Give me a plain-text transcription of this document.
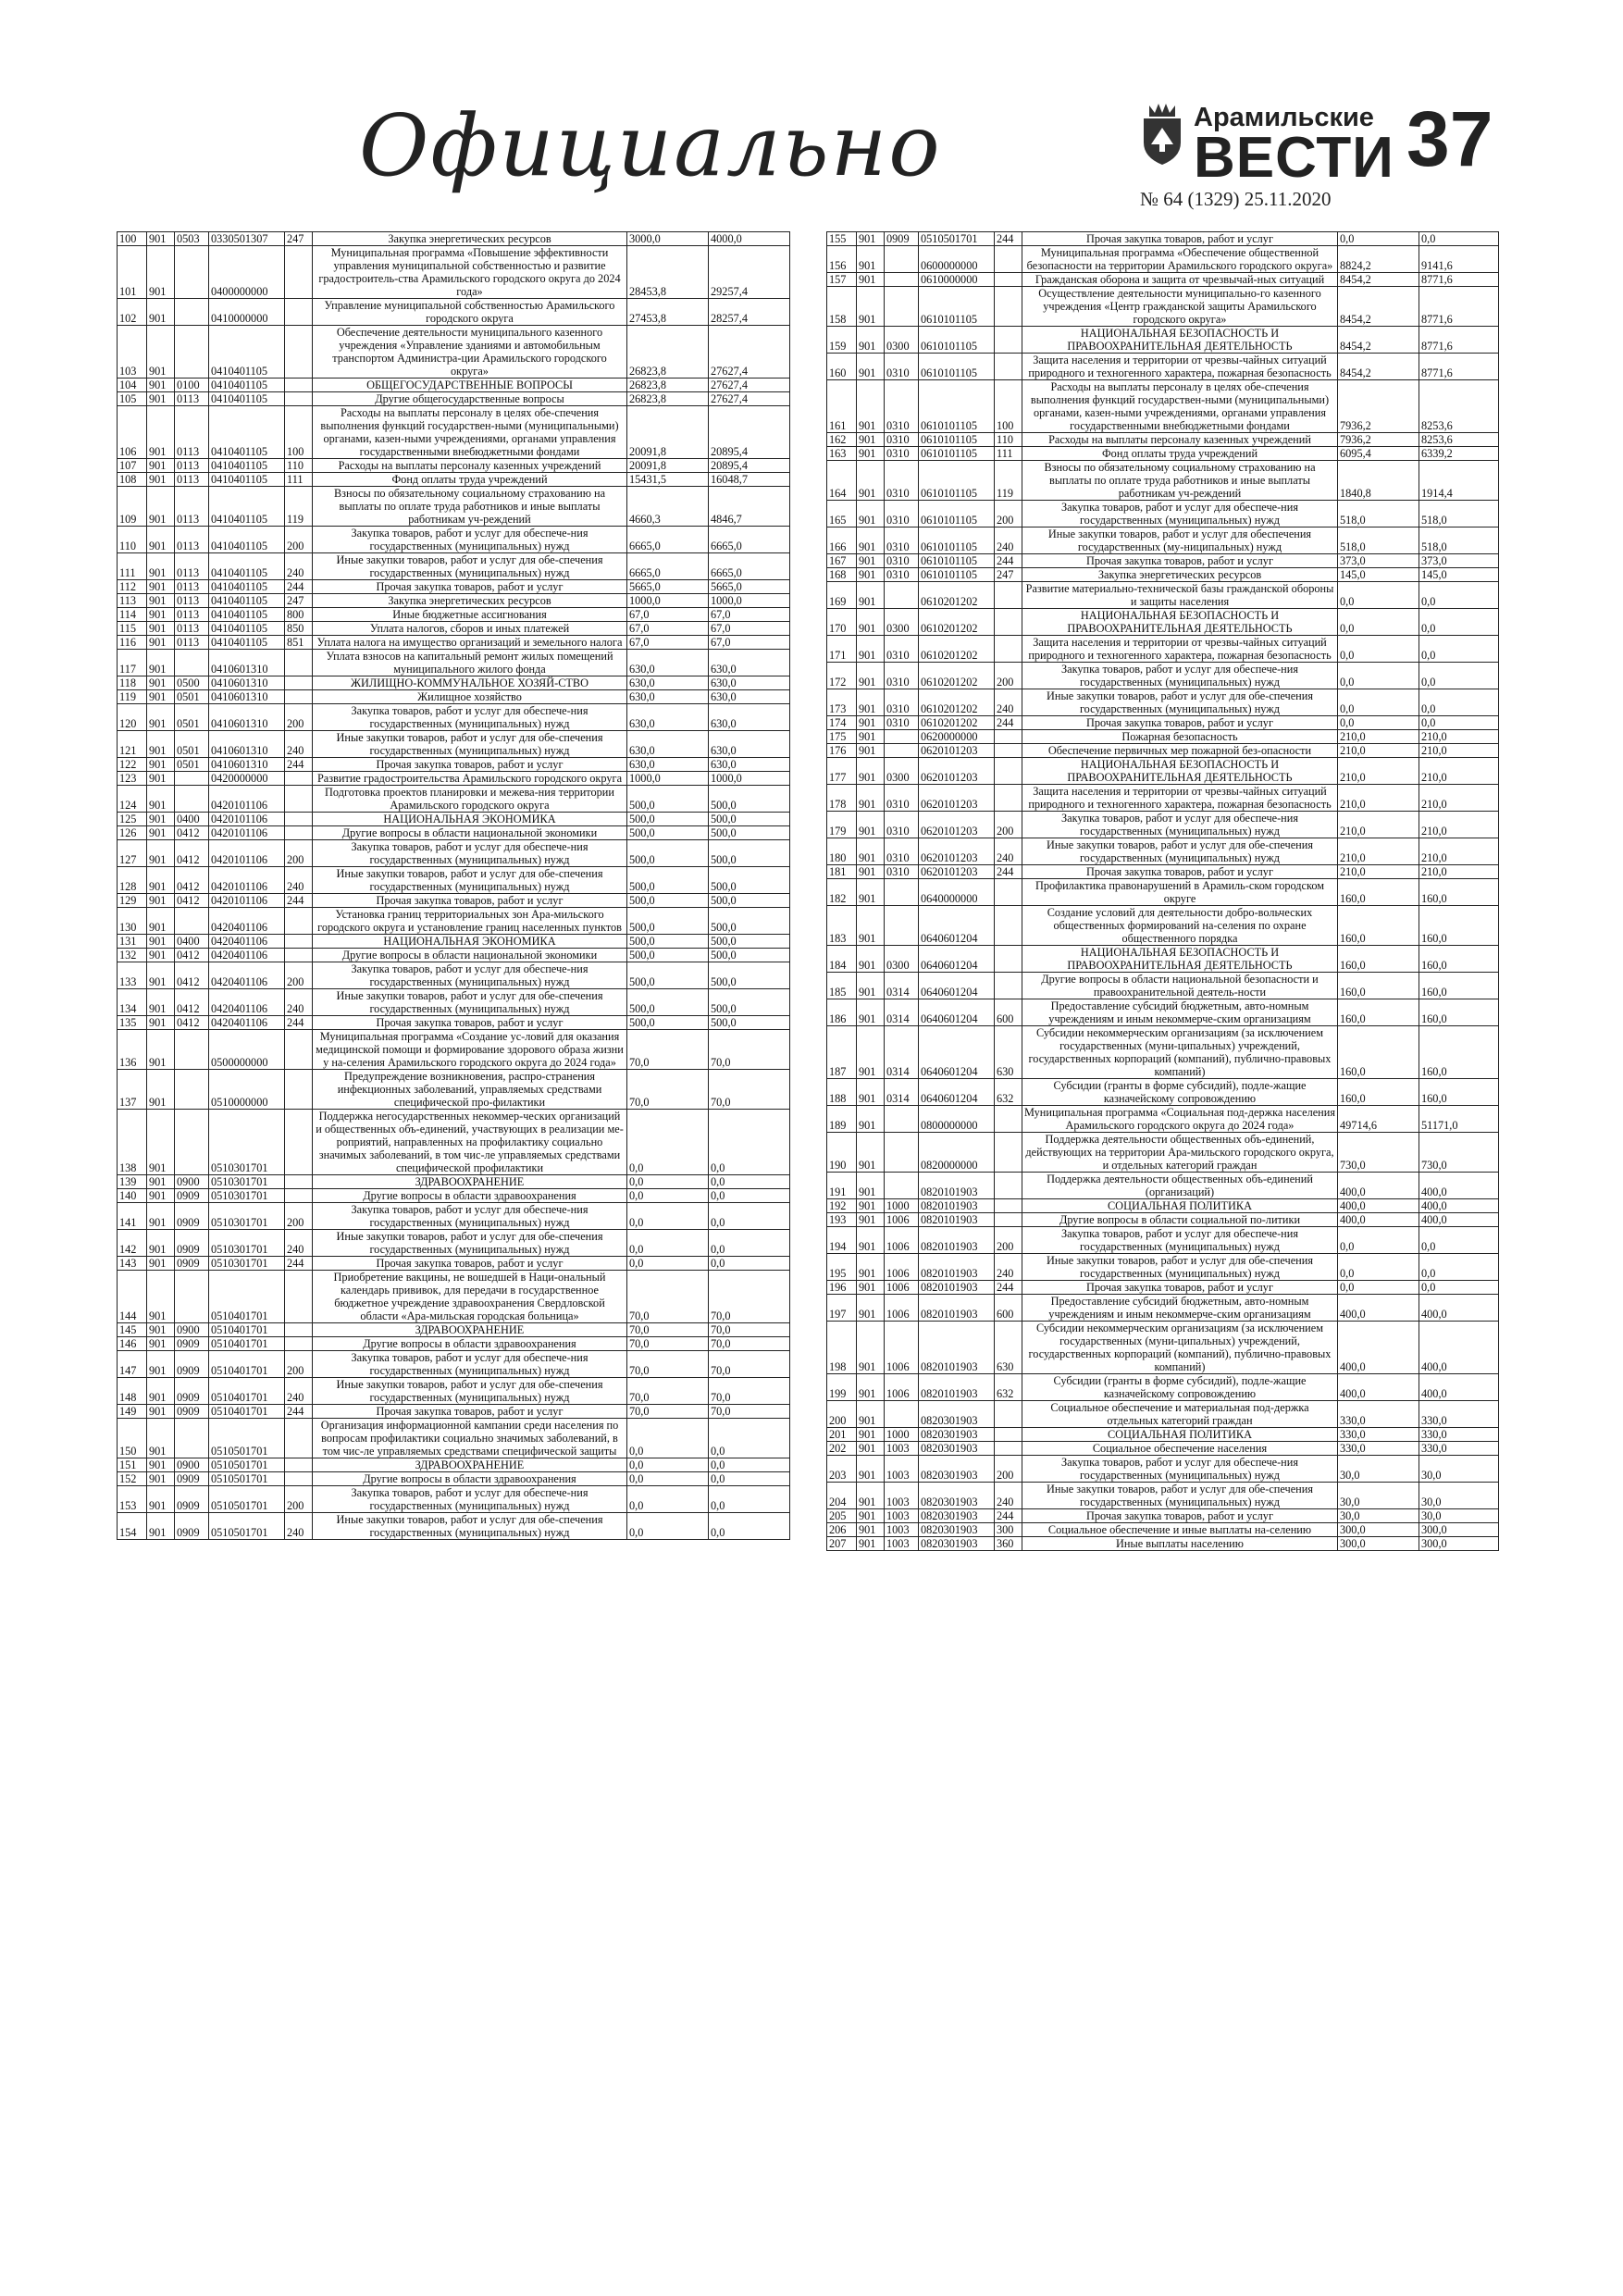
Официально	Арамильские
ВЕСТИ 37
№ 64 (1329) 25.11.2020
100	901	0503	0330501307	247	Закупка энергетических ресурсов	3000,0	4000,0
101	901		0400000000		Муниципальная программа «Повышение эффективности управления муниципальной собственностью и развитие градостроитель-ства Арамильского городского округа до 2024 года»	28453,8	29257,4
102	901		0410000000		Управление муниципальной собственностью Арамильского городского округа	27453,8	28257,4
103	901		0410401105		Обеспечение деятельности муниципального казенного учреждения «Управление зданиями и автомобильным транспортом Администра-ции Арамильского городского округа»	26823,8	27627,4
104	901	0100	0410401105		ОБЩЕГОСУДАРСТВЕННЫЕ ВОПРОСЫ	26823,8	27627,4
105	901	0113	0410401105		Другие общегосударственные вопросы	26823,8	27627,4
106	901	0113	0410401105	100	Расходы на выплаты персоналу в целях обе-спечения выполнения функций государствен-ными (муниципальными) органами, казен-ными учреждениями, органами управления государственными внебюджетными фондами	20091,8	20895,4
107	901	0113	0410401105	110	Расходы на выплаты персоналу казенных учреждений	20091,8	20895,4
108	901	0113	0410401105	111	Фонд оплаты труда учреждений	15431,5	16048,7
109	901	0113	0410401105	119	Взносы по обязательному социальному страхованию на выплаты по оплате труда работников и иные выплаты работникам уч-реждений	4660,3	4846,7
110	901	0113	0410401105	200	Закупка товаров, работ и услуг для обеспече-ния государственных (муниципальных) нужд	6665,0	6665,0
111	901	0113	0410401105	240	Иные закупки товаров, работ и услуг для обе-спечения государственных (муниципальных) нужд	6665,0	6665,0
112	901	0113	0410401105	244	Прочая закупка товаров, работ и услуг	5665,0	5665,0
113	901	0113	0410401105	247	Закупка энергетических ресурсов	1000,0	1000,0
114	901	0113	0410401105	800	Иные бюджетные ассигнования	67,0	67,0
115	901	0113	0410401105	850	Уплата налогов, сборов и иных платежей	67,0	67,0
116	901	0113	0410401105	851	Уплата налога на имущество организаций и земельного налога	67,0	67,0
117	901		0410601310		Уплата взносов на капитальный ремонт жилых помещений муниципального жилого фонда	630,0	630,0
118	901	0500	0410601310		ЖИЛИЩНО-КОММУНАЛЬНОЕ ХОЗЯЙ-СТВО	630,0	630,0
119	901	0501	0410601310		Жилищное хозяйство	630,0	630,0
120	901	0501	0410601310	200	Закупка товаров, работ и услуг для обеспече-ния государственных (муниципальных) нужд	630,0	630,0
121	901	0501	0410601310	240	Иные закупки товаров, работ и услуг для обе-спечения государственных (муниципальных) нужд	630,0	630,0
122	901	0501	0410601310	244	Прочая закупка товаров, работ и услуг	630,0	630,0
123	901		0420000000		Развитие градостроительства Арамильского городского округа	1000,0	1000,0
124	901		0420101106		Подготовка проектов планировки и межева-ния территории Арамильского городского округа	500,0	500,0
125	901	0400	0420101106		НАЦИОНАЛЬНАЯ ЭКОНОМИКА	500,0	500,0
126	901	0412	0420101106		Другие вопросы в области национальной экономики	500,0	500,0
127	901	0412	0420101106	200	Закупка товаров, работ и услуг для обеспече-ния государственных (муниципальных) нужд	500,0	500,0
128	901	0412	0420101106	240	Иные закупки товаров, работ и услуг для обе-спечения государственных (муниципальных) нужд	500,0	500,0
129	901	0412	0420101106	244	Прочая закупка товаров, работ и услуг	500,0	500,0
130	901		0420401106		Установка границ территориальных зон Ара-мильского городского округа и установление границ населенных пунктов	500,0	500,0
131	901	0400	0420401106		НАЦИОНАЛЬНАЯ ЭКОНОМИКА	500,0	500,0
132	901	0412	0420401106		Другие вопросы в области национальной экономики	500,0	500,0
133	901	0412	0420401106	200	Закупка товаров, работ и услуг для обеспече-ния государственных (муниципальных) нужд	500,0	500,0
134	901	0412	0420401106	240	Иные закупки товаров, работ и услуг для обе-спечения государственных (муниципальных) нужд	500,0	500,0
135	901	0412	0420401106	244	Прочая закупка товаров, работ и услуг	500,0	500,0
136	901		0500000000		Муниципальная программа «Создание ус-ловий для оказания медицинской помощи и формирование здорового образа жизни у на-селения Арамильского городского округа до 2024 года»	70,0	70,0
137	901		0510000000		Предупреждение возникновения, распро-странения инфекционных заболеваний, управляемых средствами специфической про-филактики	70,0	70,0
138	901		0510301701		Поддержка негосударственных некоммер-ческих организаций и общественных объ-единений, участвующих в реализации ме-роприятий, направленных на профилактику социально значимых заболеваний, в том чис-ле управляемых средствами специфической профилактики	0,0	0,0
139	901	0900	0510301701		ЗДРАВООХРАНЕНИЕ	0,0	0,0
140	901	0909	0510301701		Другие вопросы в области здравоохранения	0,0	0,0
141	901	0909	0510301701	200	Закупка товаров, работ и услуг для обеспече-ния государственных (муниципальных) нужд	0,0	0,0
142	901	0909	0510301701	240	Иные закупки товаров, работ и услуг для обе-спечения государственных (муниципальных) нужд	0,0	0,0
143	901	0909	0510301701	244	Прочая закупка товаров, работ и услуг	0,0	0,0
144	901		0510401701		Приобретение вакцины, не вошедшей в Наци-ональный календарь прививок, для передачи в государственное бюджетное учреждение здравоохранения Свердловской области «Ара-мильская городская больница»	70,0	70,0
145	901	0900	0510401701		ЗДРАВООХРАНЕНИЕ	70,0	70,0
146	901	0909	0510401701		Другие вопросы в области здравоохранения	70,0	70,0
147	901	0909	0510401701	200	Закупка товаров, работ и услуг для обеспече-ния государственных (муниципальных) нужд	70,0	70,0
148	901	0909	0510401701	240	Иные закупки товаров, работ и услуг для обе-спечения государственных (муниципальных) нужд	70,0	70,0
149	901	0909	0510401701	244	Прочая закупка товаров, работ и услуг	70,0	70,0
150	901		0510501701		Организация информационной кампании среди населения по вопросам профилактики социально значимых заболеваний, в том чис-ле управляемых средствами специфической защиты	0,0	0,0
151	901	0900	0510501701		ЗДРАВООХРАНЕНИЕ	0,0	0,0
152	901	0909	0510501701		Другие вопросы в области здравоохранения	0,0	0,0
153	901	0909	0510501701	200	Закупка товаров, работ и услуг для обеспече-ния государственных (муниципальных) нужд	0,0	0,0
154	901	0909	0510501701	240	Иные закупки товаров, работ и услуг для обе-спечения государственных (муниципальных) нужд	0,0	0,0
155	901	0909	0510501701	244	Прочая закупка товаров, работ и услуг	0,0	0,0
156	901		0600000000		Муниципальная программа «Обеспечение общественной безопасности на территории Арамильского городского округа»	8824,2	9141,6
157	901		0610000000		Гражданская оборона и защита от чрезвычай-ных ситуаций	8454,2	8771,6
158	901		0610101105		Осуществление деятельности муниципально-го казенного учреждения «Центр гражданской защиты Арамильского городского округа»	8454,2	8771,6
159	901	0300	0610101105		НАЦИОНАЛЬНАЯ БЕЗОПАСНОСТЬ И ПРАВООХРАНИТЕЛЬНАЯ ДЕЯТЕЛЬНОСТЬ	8454,2	8771,6
160	901	0310	0610101105		Защита населения и территории от чрезвы-чайных ситуаций природного и техногенного характера, пожарная безопасность	8454,2	8771,6
161	901	0310	0610101105	100	Расходы на выплаты персоналу в целях обе-спечения выполнения функций государствен-ными (муниципальными) органами, казен-ными учреждениями, органами управления государственными внебюджетными фондами	7936,2	8253,6
162	901	0310	0610101105	110	Расходы на выплаты персоналу казенных учреждений	7936,2	8253,6
163	901	0310	0610101105	111	Фонд оплаты труда учреждений	6095,4	6339,2
164	901	0310	0610101105	119	Взносы по обязательному социальному страхованию на выплаты по оплате труда работников и иные выплаты работникам уч-реждений	1840,8	1914,4
165	901	0310	0610101105	200	Закупка товаров, работ и услуг для обеспече-ния государственных (муниципальных) нужд	518,0	518,0
166	901	0310	0610101105	240	Иные закупки товаров, работ и услуг для обеспечения государственных (му-ниципальных) нужд	518,0	518,0
167	901	0310	0610101105	244	Прочая закупка товаров, работ и услуг	373,0	373,0
168	901	0310	0610101105	247	Закупка энергетических ресурсов	145,0	145,0
169	901		0610201202		Развитие материально-технической базы гражданской обороны и защиты населения	0,0	0,0
170	901	0300	0610201202		НАЦИОНАЛЬНАЯ БЕЗОПАСНОСТЬ И ПРАВООХРАНИТЕЛЬНАЯ ДЕЯТЕЛЬНОСТЬ	0,0	0,0
171	901	0310	0610201202		Защита населения и территории от чрезвы-чайных ситуаций природного и техногенного характера, пожарная безопасность	0,0	0,0
172	901	0310	0610201202	200	Закупка товаров, работ и услуг для обеспече-ния государственных (муниципальных) нужд	0,0	0,0
173	901	0310	0610201202	240	Иные закупки товаров, работ и услуг для обе-спечения государственных (муниципальных) нужд	0,0	0,0
174	901	0310	0610201202	244	Прочая закупка товаров, работ и услуг	0,0	0,0
175	901		0620000000		Пожарная безопасность	210,0	210,0
176	901		0620101203		Обеспечение первичных мер пожарной без-опасности	210,0	210,0
177	901	0300	0620101203		НАЦИОНАЛЬНАЯ БЕЗОПАСНОСТЬ И ПРАВООХРАНИТЕЛЬНАЯ ДЕЯТЕЛЬНОСТЬ	210,0	210,0
178	901	0310	0620101203		Защита населения и территории от чрезвы-чайных ситуаций природного и техногенного характера, пожарная безопасность	210,0	210,0
179	901	0310	0620101203	200	Закупка товаров, работ и услуг для обеспече-ния государственных (муниципальных) нужд	210,0	210,0
180	901	0310	0620101203	240	Иные закупки товаров, работ и услуг для обе-спечения государственных (муниципальных) нужд	210,0	210,0
181	901	0310	0620101203	244	Прочая закупка товаров, работ и услуг	210,0	210,0
182	901		0640000000		Профилактика правонарушений в Арамиль-ском городском округе	160,0	160,0
183	901		0640601204		Создание условий для деятельности добро-вольческих общественных формирований на-селения по охране общественного порядка	160,0	160,0
184	901	0300	0640601204		НАЦИОНАЛЬНАЯ БЕЗОПАСНОСТЬ И ПРАВООХРАНИТЕЛЬНАЯ ДЕЯТЕЛЬНОСТЬ	160,0	160,0
185	901	0314	0640601204		Другие вопросы в области национальной безопасности и правоохранительной деятель-ности	160,0	160,0
186	901	0314	0640601204	600	Предоставление субсидий бюджетным, авто-номным учреждениям и иным некоммерче-ским организациям	160,0	160,0
187	901	0314	0640601204	630	Субсидии некоммерческим организациям (за исключением государственных (муни-ципальных) учреждений, государственных корпораций (компаний), публично-правовых компаний)	160,0	160,0
188	901	0314	0640601204	632	Субсидии (гранты в форме субсидий), подле-жащие казначейскому сопровождению	160,0	160,0
189	901		0800000000		Муниципальная программа «Социальная под-держка населения Арамильского городского округа до 2024 года»	49714,6	51171,0
190	901		0820000000		Поддержка деятельности общественных объ-единений, действующих на территории Ара-мильского городского округа, и отдельных категорий граждан	730,0	730,0
191	901		0820101903		Поддержка деятельности общественных объ-единений (организаций)	400,0	400,0
192	901	1000	0820101903		СОЦИАЛЬНАЯ ПОЛИТИКА	400,0	400,0
193	901	1006	0820101903		Другие вопросы в области социальной по-литики	400,0	400,0
194	901	1006	0820101903	200	Закупка товаров, работ и услуг для обеспече-ния государственных (муниципальных) нужд	0,0	0,0
195	901	1006	0820101903	240	Иные закупки товаров, работ и услуг для обе-спечения государственных (муниципальных) нужд	0,0	0,0
196	901	1006	0820101903	244	Прочая закупка товаров, работ и услуг	0,0	0,0
197	901	1006	0820101903	600	Предоставление субсидий бюджетным, авто-номным учреждениям и иным некоммерче-ским организациям	400,0	400,0
198	901	1006	0820101903	630	Субсидии некоммерческим организациям (за исключением государственных (муни-ципальных) учреждений, государственных корпораций (компаний), публично-правовых компаний)	400,0	400,0
199	901	1006	0820101903	632	Субсидии (гранты в форме субсидий), подле-жащие казначейскому сопровождению	400,0	400,0
200	901		0820301903		Социальное обеспечение и материальная под-держка отдельных категорий граждан	330,0	330,0
201	901	1000	0820301903		СОЦИАЛЬНАЯ ПОЛИТИКА	330,0	330,0
202	901	1003	0820301903		Социальное обеспечение населения	330,0	330,0
203	901	1003	0820301903	200	Закупка товаров, работ и услуг для обеспече-ния государственных (муниципальных) нужд	30,0	30,0
204	901	1003	0820301903	240	Иные закупки товаров, работ и услуг для обе-спечения государственных (муниципальных) нужд	30,0	30,0
205	901	1003	0820301903	244	Прочая закупка товаров, работ и услуг	30,0	30,0
206	901	1003	0820301903	300	Социальное обеспечение и иные выплаты на-селению	300,0	300,0
207	901	1003	0820301903	360	Иные выплаты населению	300,0	300,0
